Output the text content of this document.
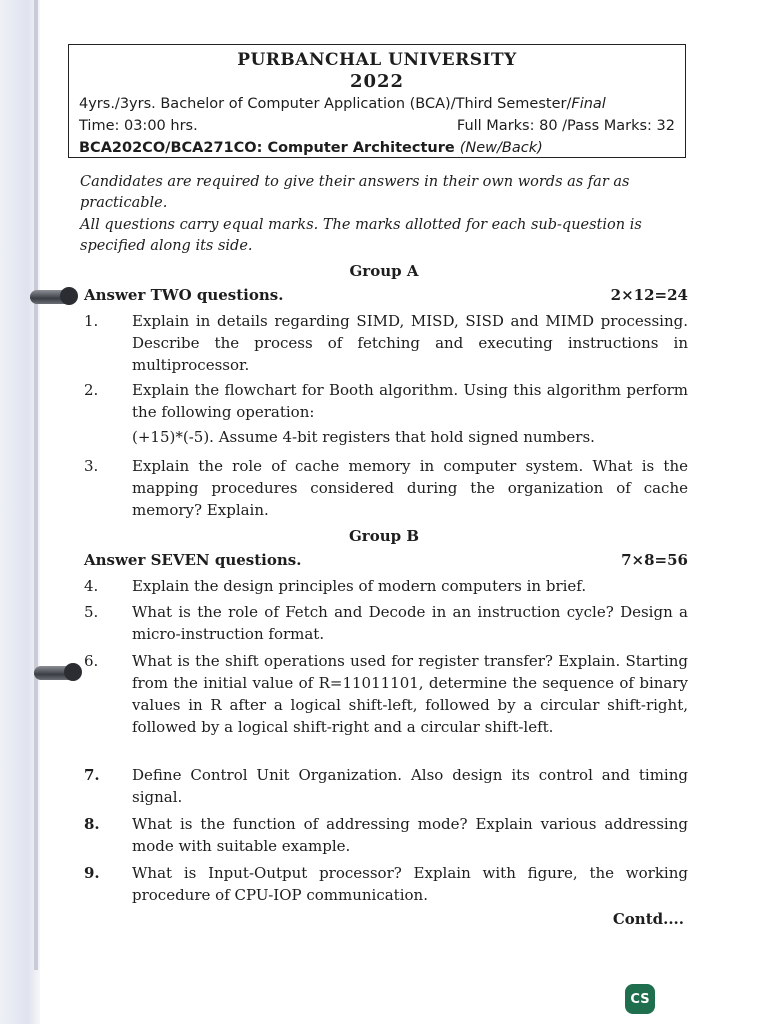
PURBANCHAL UNIVERSITY
2022
4yrs./3yrs. Bachelor of Computer Application (BCA)/Third Semester/Final
Time: 03:00 hrs.	Full Marks: 80 /Pass Marks: 32
BCA202CO/BCA271CO: Computer Architecture (New/Back)
Candidates are required to give their answers in their own words as far as practicable.
All questions carry equal marks. The marks allotted for each sub-question is specified along its side.
Group A
Answer TWO questions.	2×12=24
1.	Explain in details regarding SIMD, MISD, SISD and MIMD processing. Describe the process of fetching and executing instructions in multiprocessor.
2.	Explain the flowchart for Booth algorithm. Using this algorithm perform the following operation:

(+15)*(-5). Assume 4-bit registers that hold signed numbers.

3.	Explain the role of cache memory in computer system. What is the mapping procedures considered during the organization of cache memory? Explain.
Group B
Answer SEVEN questions.	7×8=56
4.	Explain the design principles of modern computers in brief.
5.	What is the role of Fetch and Decode in an instruction cycle? Design a micro-instruction format.
6.	What is the shift operations used for register transfer? Explain. Starting from the initial value of R=11011101, determine the sequence of binary values in R after a logical shift-left, followed by a circular shift-right, followed by a logical shift-right and a circular shift-left.
7.	Define Control Unit Organization. Also design its control and timing signal.
8.	What is the function of addressing mode? Explain various addressing mode with suitable example.
9.	What is Input-Output processor? Explain with figure, the working procedure of CPU-IOP communication.
Contd....
CS
